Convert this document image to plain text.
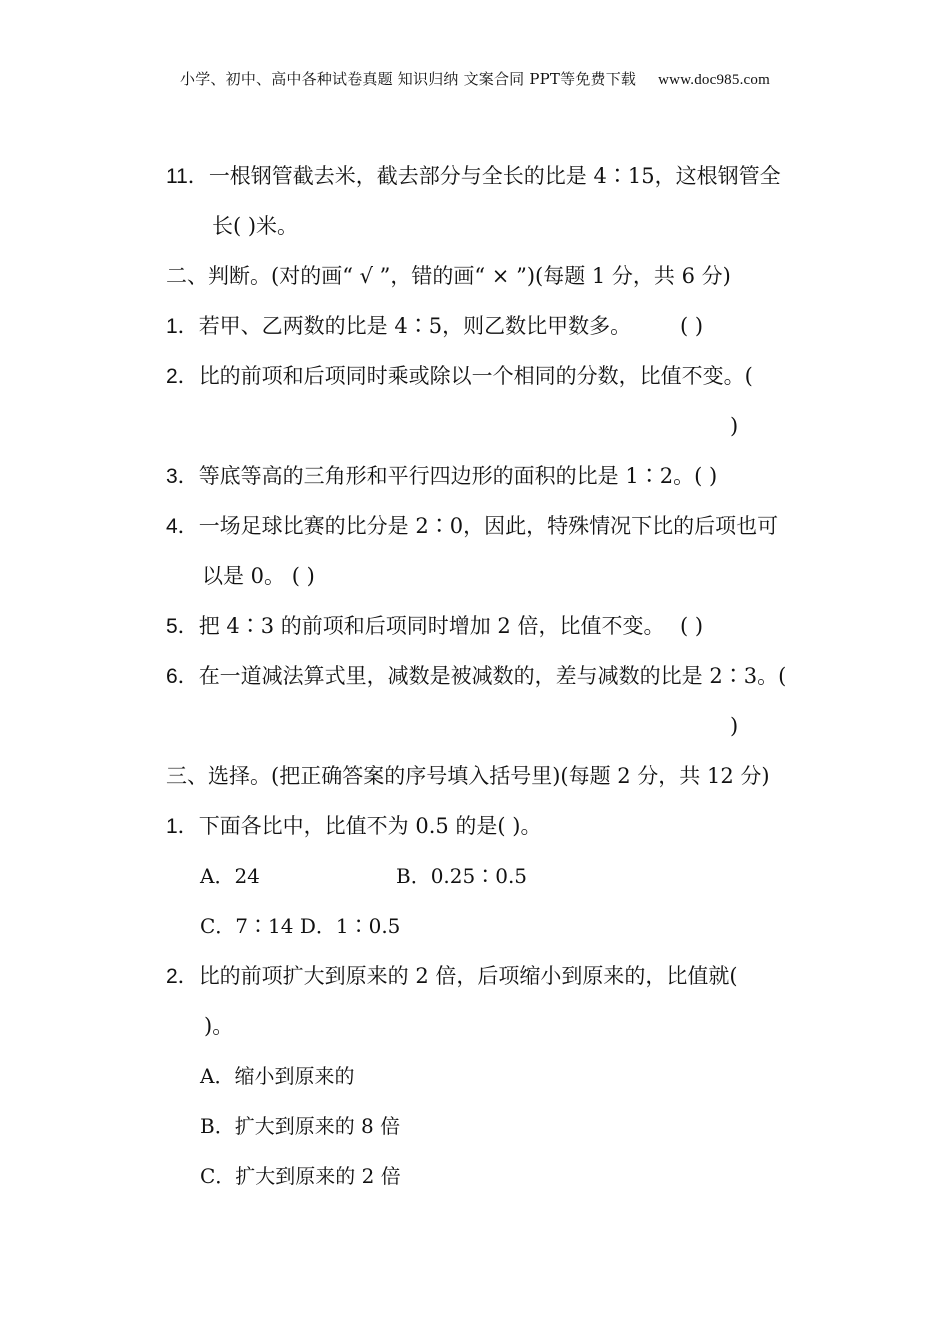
小学、初中、高中各种试卷真题 知识归纳 文案合同 PPT等免费下载 www.doc985.com
11．一根钢管截去米，截去部分与全长的比是 4∶15，这根钢管全
长( )米。
二、判断。(对的画“ √ ”，错的画“ × ”)(每题 1 分，共 6 分)
1．若甲、乙两数的比是 4∶5，则乙数比甲数多。 ( )
2．比的前项和后项同时乘或除以一个相同的分数，比值不变。(
)
3．等底等高的三角形和平行四边形的面积的比是 1∶2。( )
4．一场足球比赛的比分是 2∶0，因此，特殊情况下比的后项也可
以是 0。 ( )
5．把 4∶3 的前项和后项同时增加 2 倍，比值不变。 ( )
6．在一道减法算式里，减数是被减数的，差与减数的比是 2∶3。(
)
三、选择。(把正确答案的序号填入括号里)(每题 2 分，共 12 分)
1．下面各比中，比值不为 0.5 的是( )。
A．24	B．0.25∶0.5
C．7∶14 D．1∶0.5
2．比的前项扩大到原来的 2 倍，后项缩小到原来的，比值就(
)。
A．缩小到原来的
B．扩大到原来的 8 倍
C．扩大到原来的 2 倍
